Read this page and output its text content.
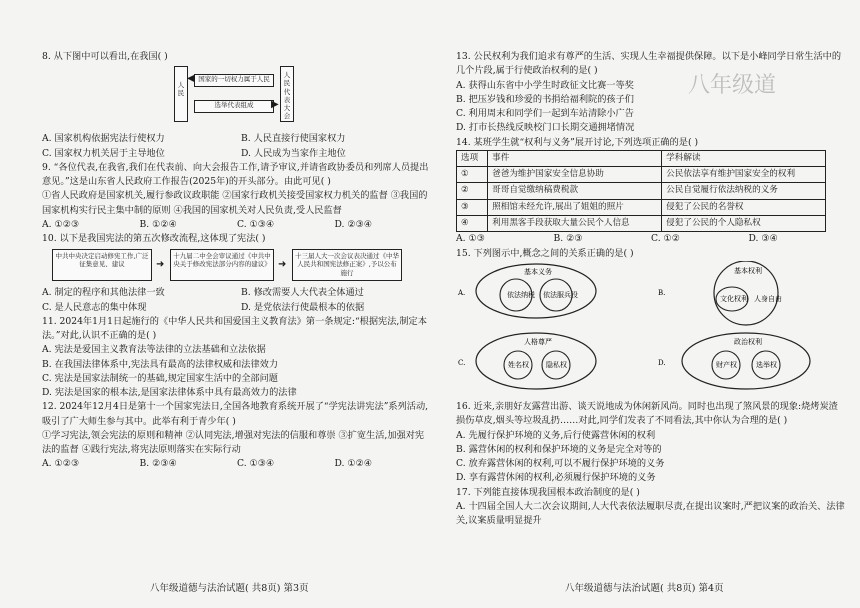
八年级道

8. 从下图中可以看出,在我国( )

人民
人民代表大会
国家的一切权力属于人民
◀
选举代表组成	▶
A. 国家机构依据宪法行使权力	B. 人民直接行使国家权力
C. 国家权力机关居于主导地位	D. 人民成为当家作主地位

9. “各位代表,在我省,我们在代表前、向大会报告工作,请予审议,并请省政协委员和列席人员提出意见。”这是山东省人民政府工作报告(2025年)的开头部分。由此可见( )

①省人民政府是国家机关,履行参政议政职能 ②国家行政机关接受国家权力机关的监督 ③我国的国家机构实行民主集中制的原则 ④我国的国家机关对人民负责,受人民监督

A. ①②③	B. ①②④	C. ①③④	D. ②③④

10. 以下是我国宪法的第五次修改流程,这体现了宪法( )

中共中央决定启动修宪工作,广泛征集意见、建议	➜
十九届二中全会审议通过《中共中央关于修改宪法部分内容的建议》 ➜
十三届人大一次会议表决通过《中华人民共和国宪法修正案》,予以公布施行
A. 制定的程序和其他法律一致	B. 修改需要人大代表全体通过
C. 是人民意志的集中体现	D. 是党依法行使最根本的依据

11. 2024年1月1日起施行的《中华人民共和国爱国主义教育法》第一条规定:“根据宪法,制定本法。”对此,认识不正确的是( )

A. 宪法是爱国主义教育法等法律的立法基础和立法依据
B. 在我国法律体系中,宪法具有最高的法律权威和法律效力
C. 宪法是国家法制统一的基础,规定国家生活中的全部问题
D. 宪法是国家的根本法,是国家法律体系中具有最高效力的法律

12. 2024年12月4日是第十一个国家宪法日,全国各地教育系统开展了“学宪法讲宪法”系列活动,吸引了广大师生参与其中。此举有利于青少年( )

①学习宪法,领会宪法的原则和精神 ②认同宪法,增强对宪法的信服和尊崇 ③扩宽生活,加强对宪法的监督 ④践行宪法,将宪法原则落实在实际行动

A. ①②③	B. ②③④	C. ①③④	D. ①②④
八年级道德与法治试题( 共8页) 第3页

13. 公民权利为我们追求有尊严的生活、实现人生幸福提供保障。以下是小峰同学日常生活中的几个片段,属于行使政治权利的是( )

A. 获得山东省中小学生时政征文比赛一等奖
B. 把压岁钱和珍爱的书捐给福利院的孩子们
C. 利用周末和同学们一起到车站清除小广告
D. 打市长热线反映校门口长期交通拥堵情况

14. 某班学生就“权利与义务”展开讨论,下列选项正确的是( )

选项	事件	学科解读
①	爸爸为维护国家安全信息协助	公民依法享有维护国家安全的权利
②	哥哥自觉缴纳稿费税款	公民自觉履行依法纳税的义务
③	照相馆未经允许,展出了姐姐的照片	侵犯了公民的名誉权
④	利用黑客手段获取大量公民个人信息	侵犯了公民的个人隐私权
A. ①③	B. ②③	C. ①②	D. ③④

15. 下列图示中,概念之间的关系正确的是( )

A.
基本义务
依法纳税 依法服兵役	B.
基本权利
文化权利 人身自由
C.
人格尊严
姓名权 隐私权	D.
政治权利
财产权	选举权

16. 近来,亲朋好友露营出游、谈天说地成为休闲新风尚。同时也出现了煞风景的现象:烧烤炭渣损伤草皮,烟头等垃圾乱扔……对此,同学们发表了不同看法,其中你认为合理的是( )

A. 先履行保护环境的义务,后行使露营休闲的权利
B. 露营休闲的权利和保护环境的义务是完全对等的
C. 放弃露营休闲的权利,可以不履行保护环境的义务
D. 享有露营休闲的权利,必须履行保护环境的义务

17. 下列能直接体现我国根本政治制度的是( )

A. 十四届全国人大二次会议期间,人大代表依法履职尽责,在提出议案时,严把议案的政治关、法律关,议案质量明显提升

八年级道德与法治试题( 共8页) 第4页
